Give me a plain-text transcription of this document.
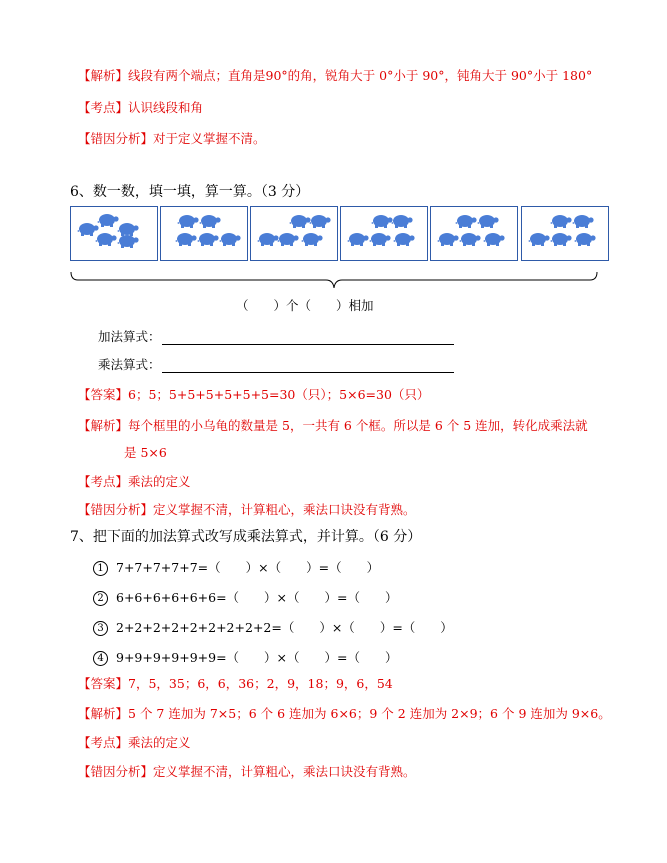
【解析】线段有两个端点；直角是90°的角，锐角大于 0°小于 90°，钝角大于 90°小于 180°
【考点】认识线段和角
【错因分析】对于定义掌握不清。
6、数一数，填一填，算一算。（3 分）
（　　）个（　　）相加
加法算式：
乘法算式：
【答案】6；5；5+5+5+5+5+5=30（只）；5×6=30（只）
【解析】每个框里的小乌龟的数量是 5，一共有 6 个框。所以是 6 个 5 连加，转化成乘法就
是 5×6
【考点】乘法的定义
【错因分析】定义掌握不清，计算粗心，乘法口诀没有背熟。
7、把下面的加法算式改写成乘法算式，并计算。（6 分）
1 7+7+7+7+7=（　　）×（　　）=（　　）
2 6+6+6+6+6+6=（　　）×（　　）=（　　）
3 2+2+2+2+2+2+2+2+2=（　　）×（　　）=（　　）
4 9+9+9+9+9+9=（　　）×（　　）=（　　）
【答案】7，5，35；6，6，36；2，9，18；9，6，54
【解析】5 个 7 连加为 7×5；6 个 6 连加为 6×6；9 个 2 连加为 2×9；6 个 9 连加为 9×6。
【考点】乘法的定义
【错因分析】定义掌握不清，计算粗心，乘法口诀没有背熟。
